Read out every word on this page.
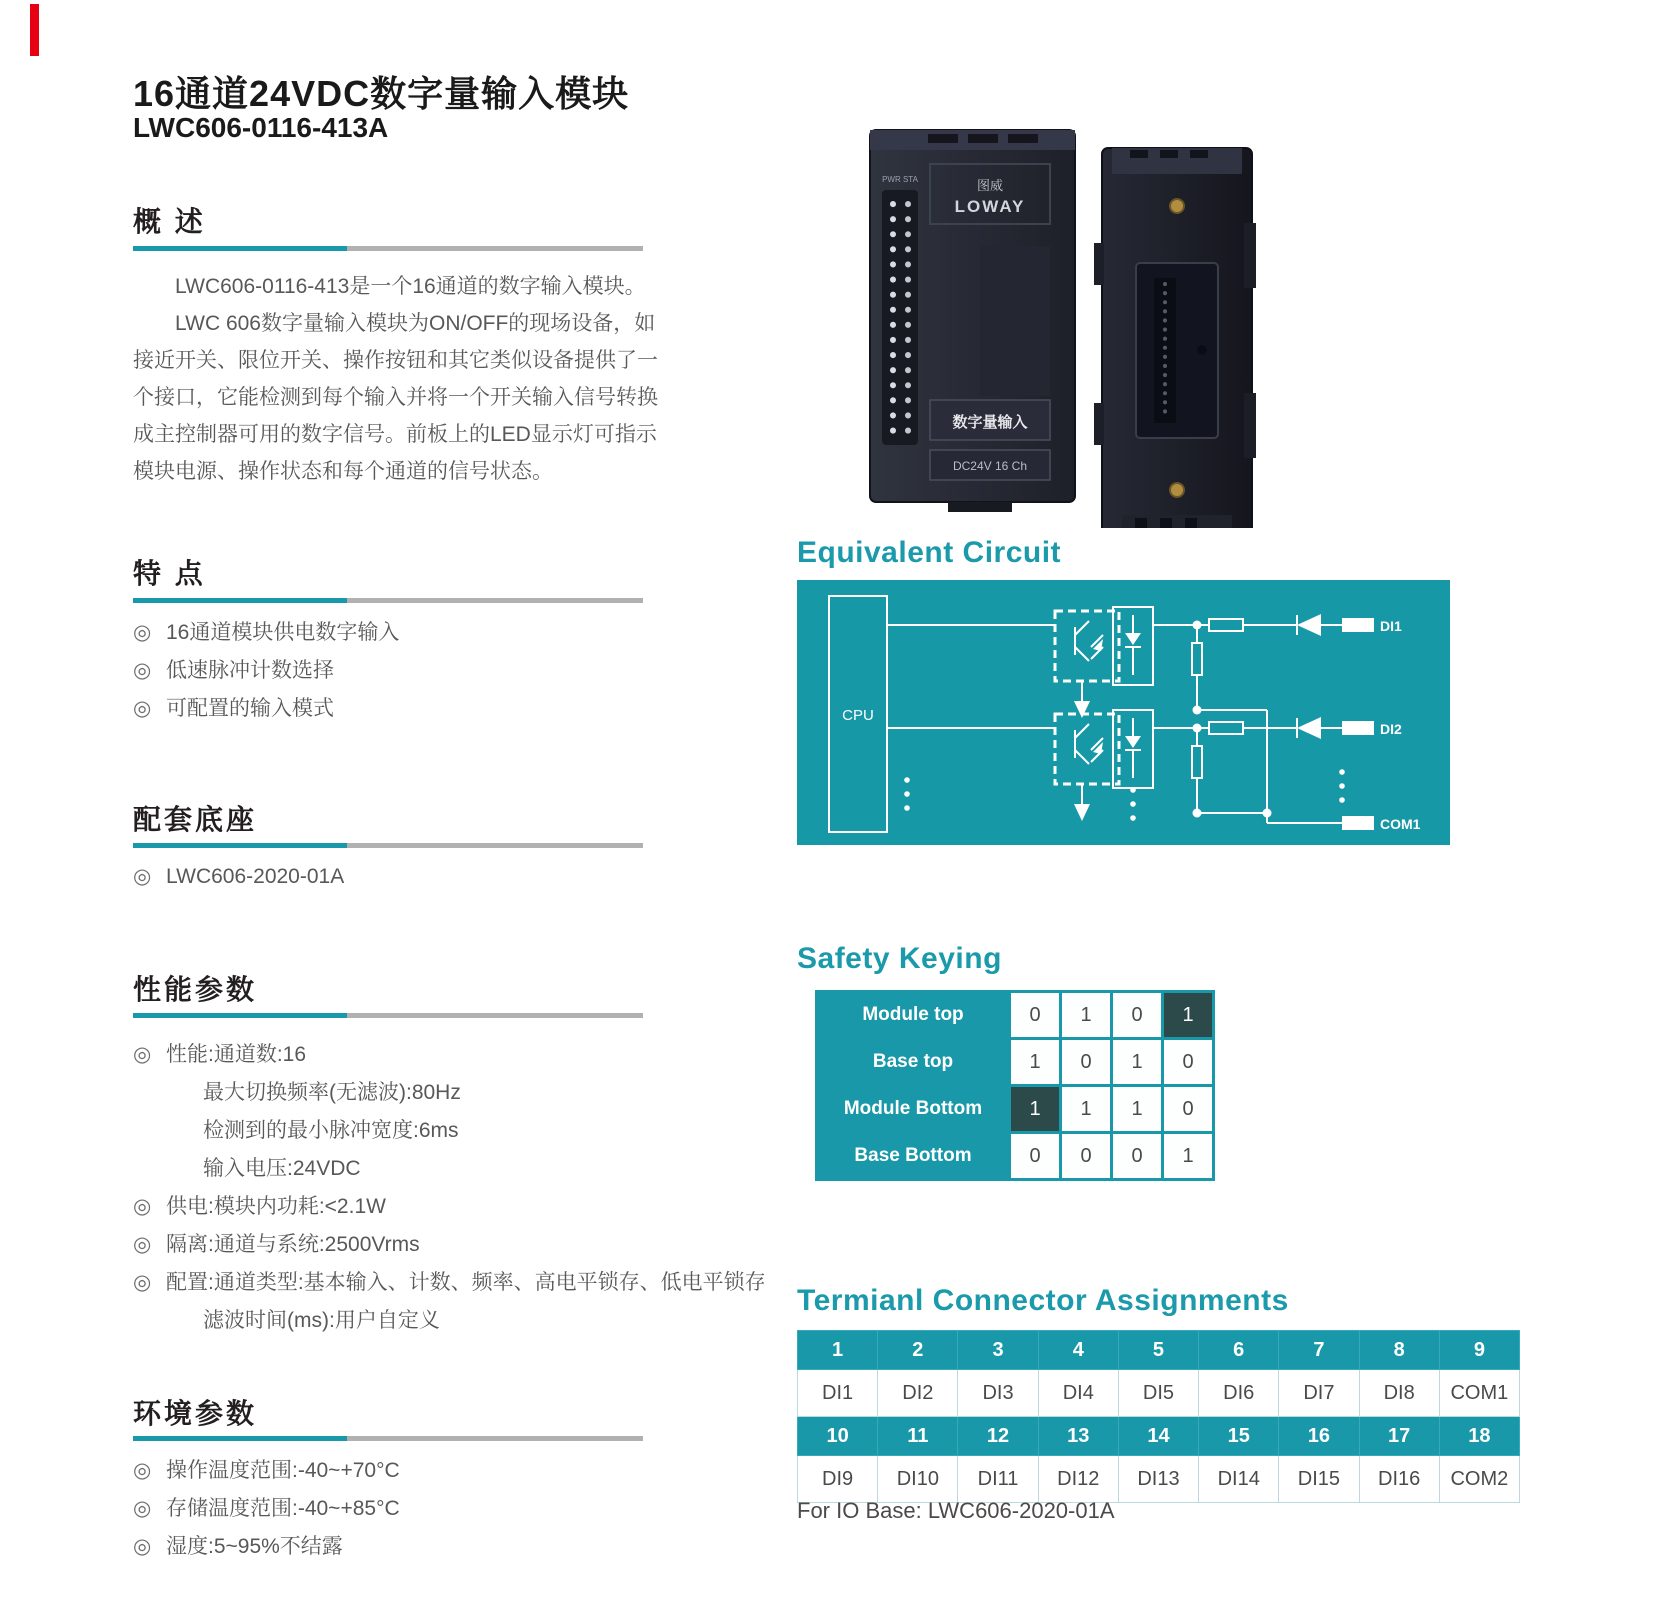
16通道24VDC数字量输入模块
LWC606-0116-413A
概 述

LWC606-0116-413是一个16通道的数字输入模块。

LWC 606数字量输入模块为ON/OFF的现场设备，如接近开关、限位开关、操作按钮和其它类似设备提供了一个接口，它能检测到每个输入并将一个开关输入信号转换成主控制器可用的数字信号。前板上的LED显示灯可指示模块电源、操作状态和每个通道的信号状态。

特 点
◎ 16通道模块供电数字输入
◎ 低速脉冲计数选择
◎ 可配置的输入模式
配套底座
◎ LWC606-2020-01A
性能参数
◎ 性能:通道数:16
最大切换频率(无滤波):80Hz
检测到的最小脉冲宽度:6ms
输入电压:24VDC
◎ 供电:模块内功耗:<2.1W
◎ 隔离:通道与系统:2500Vrms
◎ 配置:通道类型:基本输入、计数、频率、高电平锁存、低电平锁存
滤波时间(ms):用户自定义
环境参数
◎ 操作温度范围:-40~+70°C
◎ 存储温度范围:-40~+85°C
◎ 湿度:5~95%不结露
PWR STA	图威
LOWAY
数字量输入
DC24V 16 Ch
Equivalent Circuit
CPU
DI1
DI2
COM1
Safety Keying
Module top	0	1	0	1
Base top	1	0	1	0
Module Bottom	1	1	1	0
Base Bottom	0	0	0	1
Termianl Connector Assignments
1	2	3	4	5	6	7	8	9
DI1	DI2	DI3	DI4	DI5	DI6	DI7	DI8	COM1
10	11	12	13	14	15	16	17	18
DI9	DI10	DI11	DI12	DI13	DI14	DI15	DI16	COM2
For IO Base: LWC606-2020-01A
